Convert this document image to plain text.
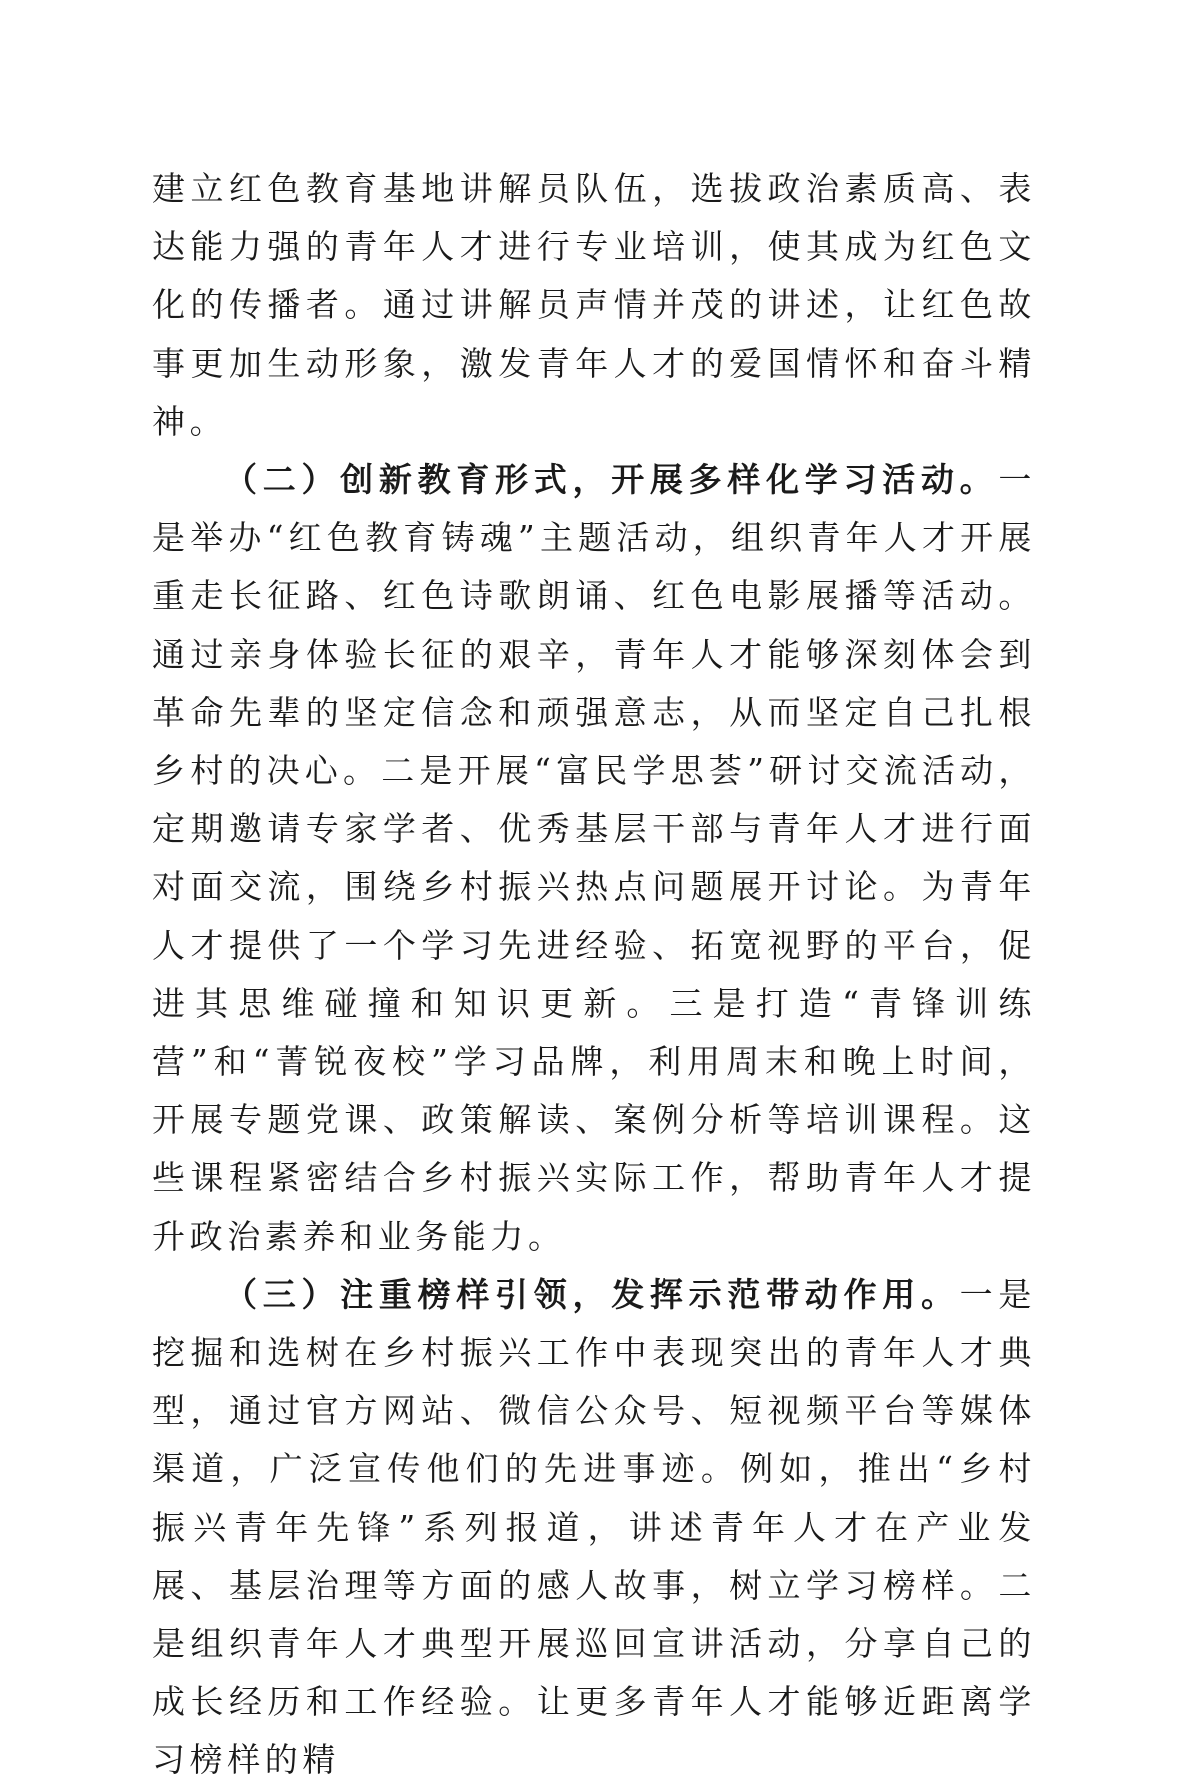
建立红色教育基地讲解员队伍，选拔政治素质高、表达能力强的青年人才进行专业培训，使其成为红色文化的传播者。通过讲解员声情并茂的讲述，让红色故事更加生动形象，激发青年人才的爱国情怀和奋斗精神。

（二）创新教育形式，开展多样化学习活动。一是举办“红色教育铸魂”主题活动，组织青年人才开展重走长征路、红色诗歌朗诵、红色电影展播等活动。通过亲身体验长征的艰辛，青年人才能够深刻体会到革命先辈的坚定信念和顽强意志，从而坚定自己扎根乡村的决心。二是开展“富民学思荟”研讨交流活动，定期邀请专家学者、优秀基层干部与青年人才进行面对面交流，围绕乡村振兴热点问题展开讨论。为青年人才提供了一个学习先进经验、拓宽视野的平台，促进其思维碰撞和知识更新。三是打造“青锋训练营”和“菁锐夜校”学习品牌，利用周末和晚上时间，开展专题党课、政策解读、案例分析等培训课程。这些课程紧密结合乡村振兴实际工作，帮助青年人才提升政治素养和业务能力。

（三）注重榜样引领，发挥示范带动作用。一是挖掘和选树在乡村振兴工作中表现突出的青年人才典型，通过官方网站、微信公众号、短视频平台等媒体渠道，广泛宣传他们的先进事迹。例如，推出“乡村振兴青年先锋”系列报道，讲述青年人才在产业发展、基层治理等方面的感人故事，树立学习榜样。二是组织青年人才典型开展巡回宣讲活动，分享自己的成长经历和工作经验。让更多青年人才能够近距离学习榜样的精
